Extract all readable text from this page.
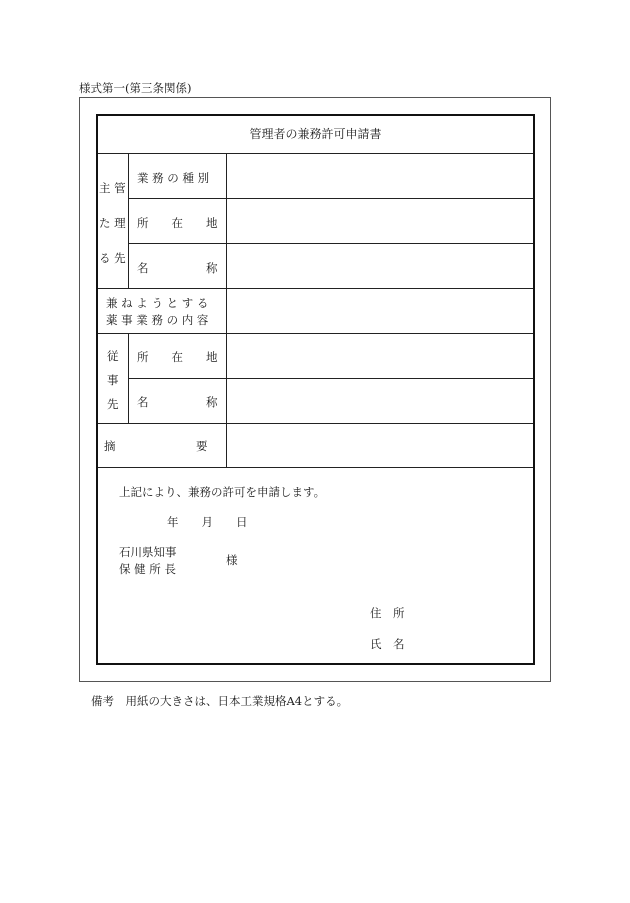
様式第一(第三条関係)
管理者の兼務許可申請書
主 管
た 理
る 先
業 務 の 種 別
所　　在　　地
名　　　　　称
兼 ね よ う と す る
薬 事 業 務 の 内 容
従
事
先
所　　在　　地
名　　　　　称
摘　　　　　　　要
上記により、兼務の許可を申請します。
年　　月　　日
石川県知事
保 健 所 長
様
住　所
氏　名
備考　用紙の大きさは、日本工業規格A4とする。
